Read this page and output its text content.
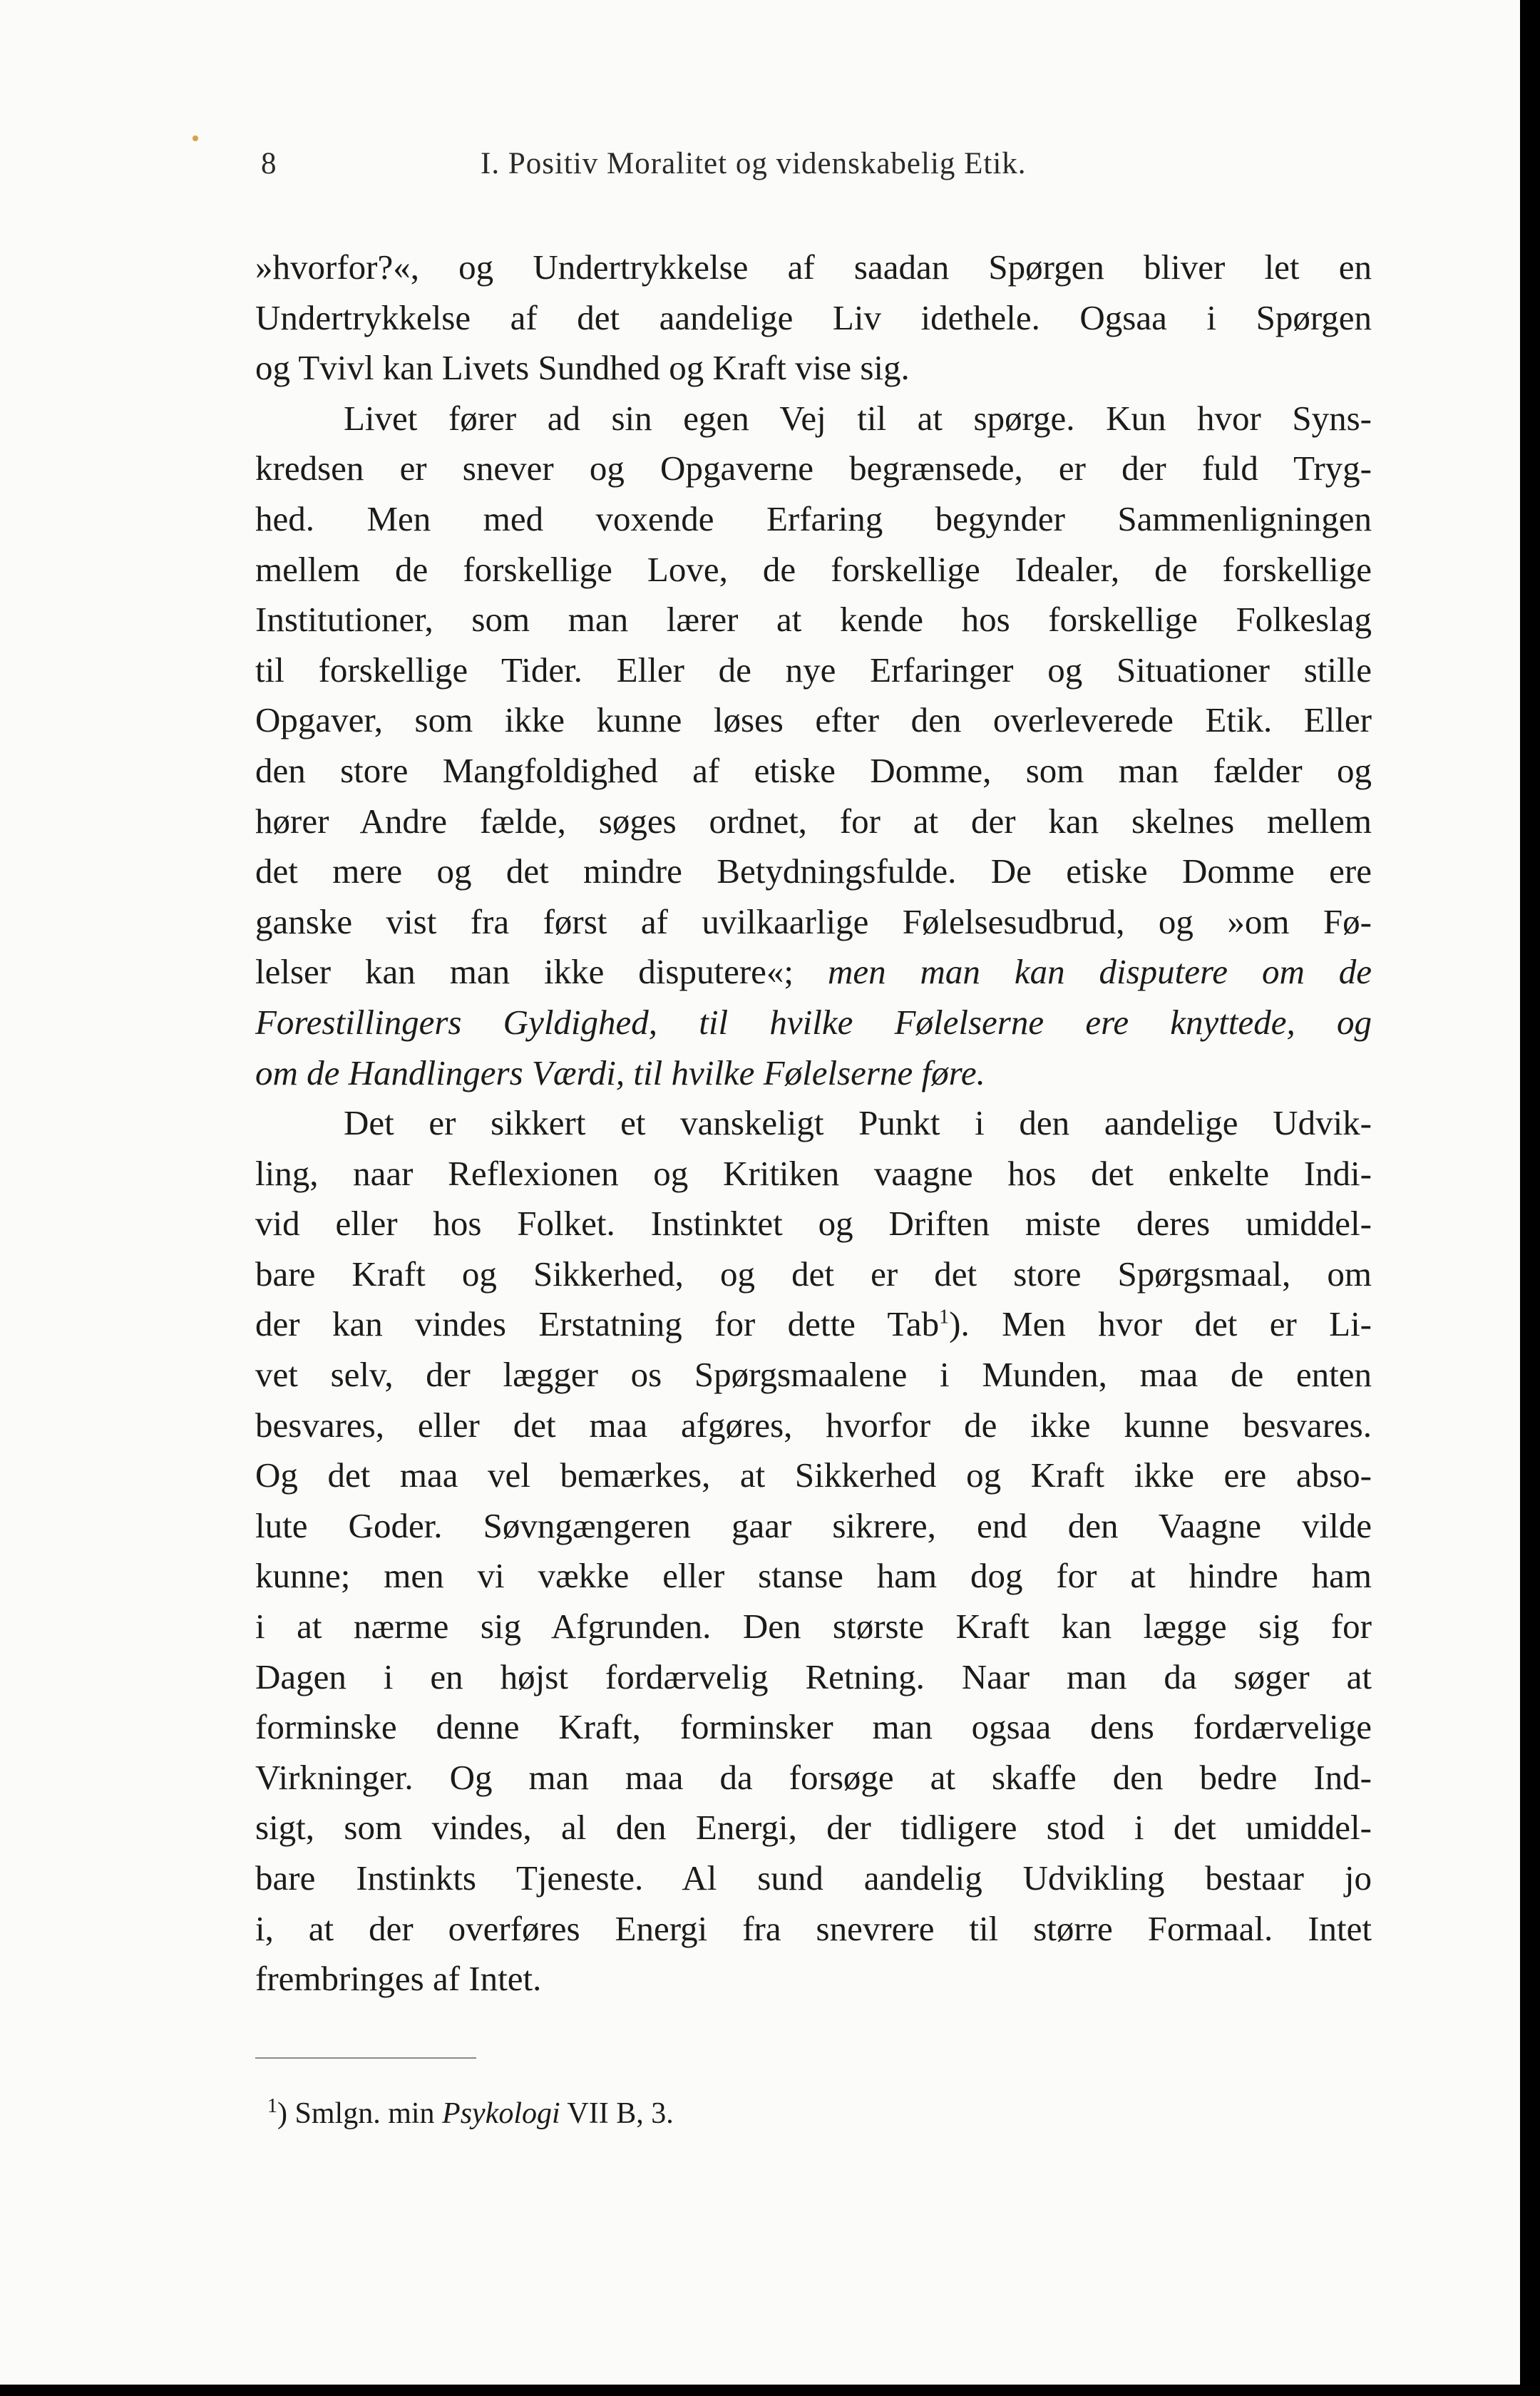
8	I. Positiv Moralitet og videnskabelig Etik.
»hvorfor?«, og Undertrykkelse af saadan Spørgen bliver let en
Undertrykkelse af det aandelige Liv idethele. Ogsaa i Spørgen
og Tvivl kan Livets Sundhed og Kraft vise sig.
Livet fører ad sin egen Vej til at spørge. Kun hvor Syns-
kredsen er snever og Opgaverne begrænsede, er der fuld Tryg-
hed. Men med voxende Erfaring begynder Sammenligningen
mellem de forskellige Love, de forskellige Idealer, de forskellige
Institutioner, som man lærer at kende hos forskellige Folkeslag
til forskellige Tider. Eller de nye Erfaringer og Situationer stille
Opgaver, som ikke kunne løses efter den overleverede Etik. Eller
den store Mangfoldighed af etiske Domme, som man fælder og
hører Andre fælde, søges ordnet, for at der kan skelnes mellem
det mere og det mindre Betydningsfulde. De etiske Domme ere
ganske vist fra først af uvilkaarlige Følelsesudbrud, og »om Fø-
lelser kan man ikke disputere«; men man kan disputere om de
Forestillingers Gyldighed, til hvilke Følelserne ere knyttede, og
om de Handlingers Værdi, til hvilke Følelserne føre.
Det er sikkert et vanskeligt Punkt i den aandelige Udvik-
ling, naar Reflexionen og Kritiken vaagne hos det enkelte Indi-
vid eller hos Folket. Instinktet og Driften miste deres umiddel-
bare Kraft og Sikkerhed, og det er det store Spørgsmaal, om
der kan vindes Erstatning for dette Tab$^1$). Men hvor det er Li-
vet selv, der lægger os Spørgsmaalene i Munden, maa de enten
besvares, eller det maa afgøres, hvorfor de ikke kunne besvares.
Og det maa vel bemærkes, at Sikkerhed og Kraft ikke ere abso-
lute Goder. Søvngængeren gaar sikrere, end den Vaagne vilde
kunne; men vi vække eller stanse ham dog for at hindre ham
i at nærme sig Afgrunden. Den største Kraft kan lægge sig for
Dagen i en højst fordærvelig Retning. Naar man da søger at
forminske denne Kraft, forminsker man ogsaa dens fordærvelige
Virkninger. Og man maa da forsøge at skaffe den bedre Ind-
sigt, som vindes, al den Energi, der tidligere stod i det umiddel-
bare Instinkts Tjeneste. Al sund aandelig Udvikling bestaar jo
i, at der overføres Energi fra snevrere til større Formaal. Intet
frembringes af Intet.
$^1$) Smlgn. min Psykologi VII B, 3.
